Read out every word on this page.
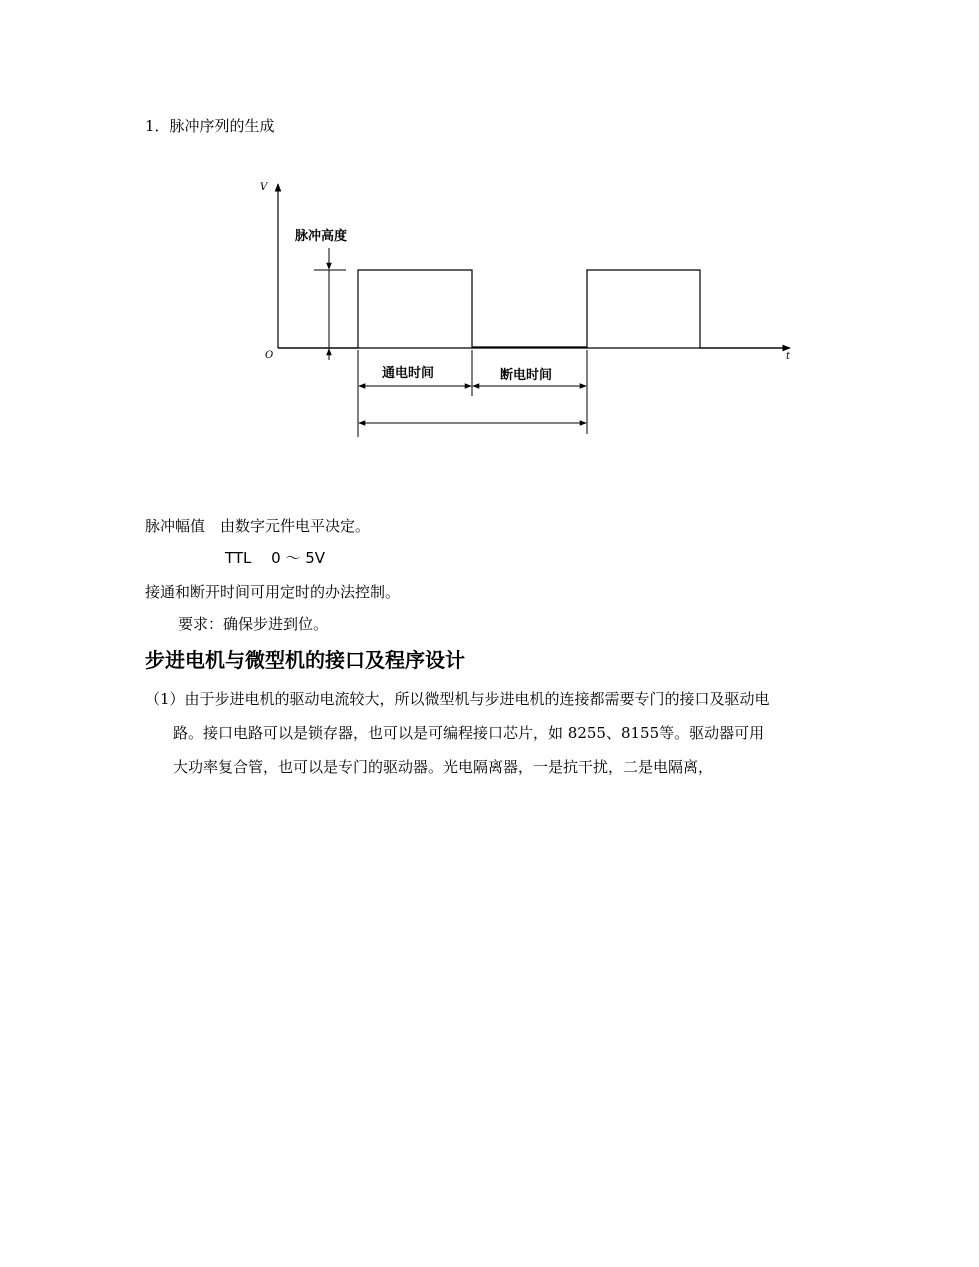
1．脉冲序列的生成
V
t
O
脉冲高度
通电时间	断电时间
脉冲幅值　由数字元件电平决定。
TTL　 0 ～ 5V
接通和断开时间可用定时的办法控制。
要求：确保步进到位。
步进电机与微型机的接口及程序设计
（1）由于步进电机的驱动电流较大，所以微型机与步进电机的连接都需要专门的接口及驱动电
路。接口电路可以是锁存器，也可以是可编程接口芯片，如 8255、8155等。驱动器可用
大功率复合管，也可以是专门的驱动器。光电隔离器，一是抗干扰，二是电隔离，
